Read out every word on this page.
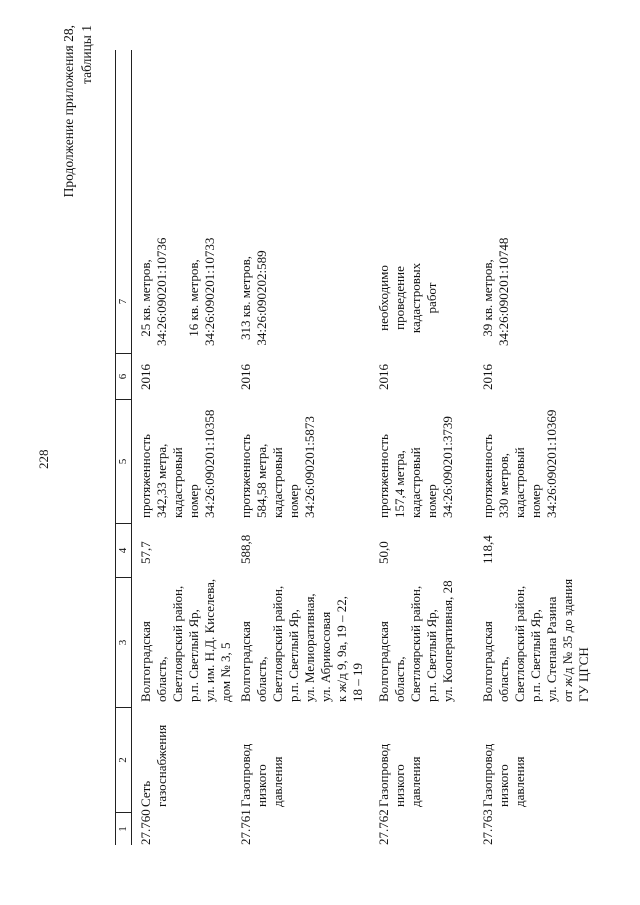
228
Продолжение приложения 28,
таблицы 1
1
2
3
4
5
6
7
27.760
Сеть газоснабжения
Волгоградская область,
Светлоярский район,
р.п. Светлый Яр,
ул. им. Н.Д. Киселева,
дом № 3, 5
57,7
протяженность
342,33 метра,
кадастровый
номер
34:26:090201:10358
2016
25 кв. метров,
34:26:090201:10736

16 кв. метров,
34:26:090201:10733
27.761
Газопровод низкого
давления
Волгоградская область,
Светлоярский район,
р.п. Светлый Яр,
ул. Мелиоративная,
ул. Абрикосовая
к ж/д 9, 9а, 19 – 22,
18 – 19
588,8
протяженность
584,58 метра,
кадастровый
номер
34:26:090201:5873
2016
313 кв. метров,
34:26:090202:589
27.762
Газопровод низкого
давления
Волгоградская область,
Светлоярский район,
р.п. Светлый Яр,
ул. Кооперативная, 28
50,0
протяженность
157,4 метра,
кадастровый
номер
34:26:090201:3739
2016
необходимо
проведение
кадастровых работ
27.763
Газопровод низкого
давления
Волгоградская область,
Светлоярский район,
р.п. Светлый Яр,
ул. Степана Разина
от ж/д № 35 до здания
ГУ ЦГСН
118,4
протяженность
330 метров,
кадастровый
номер
34:26:090201:10369
2016
39 кв. метров,
34:26:090201:10748
